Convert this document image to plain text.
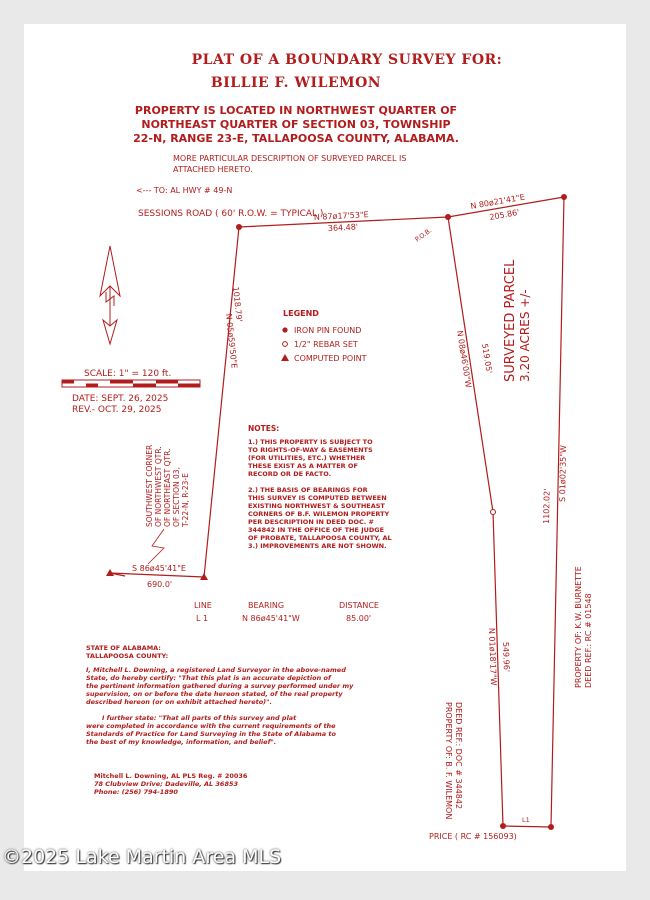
PLAT OF A BOUNDARY SURVEY FOR:
BILLIE F. WILEMON
PROPERTY IS LOCATED IN NORTHWEST QUARTER OF
NORTHEAST QUARTER OF SECTION 03, TOWNSHIP
22-N, RANGE 23-E, TALLAPOOSA COUNTY, ALABAMA.
MORE PARTICULAR DESCRIPTION OF SURVEYED PARCEL IS
ATTACHED HERETO.
<--- TO: AL HWY # 49-N
SESSIONS ROAD ( 60' R.O.W. = TYPICAL )
N 87ø17'53"E
364.48'
N 80ø21'41"E
205.86'
P.O.B.
N 05ø59'50"E
1018.79'
N 08ø46'00"W 519.05'
N 01ø18'17"W 549.96'
S 01ø02'35"W
1102.02'
S 86ø45'41"E
690.0'
L1
SURVEYED PARCEL 3.20 ACRES +/-
LEGEND
IRON PIN FOUND
1/2" REBAR SET
COMPUTED POINT
SCALE: 1" = 120 ft.
DATE: SEPT. 26, 2025
REV.- OCT. 29, 2025
SOUTHWEST CORNER OF NORTHWEST QTR. OF NORTHEAST QTR. OF SECTION 03, T-22-N, R-23-E
NOTES:
1.) THIS PROPERTY IS SUBJECT TO
TO RIGHTS-OF-WAY & EASEMENTS
(FOR UTILITIES, ETC.) WHETHER
THESE EXIST AS A MATTER OF
RECORD OR DE FACTO.
2.) THE BASIS OF BEARINGS FOR
THIS SURVEY IS COMPUTED BETWEEN
EXISTING NORTHWEST & SOUTHEAST
CORNERS OF B.F. WILEMON PROPERTY
PER DESCRIPTION IN DEED DOC. #
344842 IN THE OFFICE OF THE JUDGE
OF PROBATE, TALLAPOOSA COUNTY, AL
3.) IMPROVEMENTS ARE NOT SHOWN.
LINE	BEARING	DISTANCE
L 1	N 86ø45'41"W	85.00'
PROPERTY OF: B. F. WILEMON DEED REF.: DOC # 344842
PROPERTY OF: K.W. BURNETTE DEED REF.: RC # 01548
PRICE ( RC # 156093)
STATE OF ALABAMA:
TALLAPOOSA COUNTY:
I, Mitchell L. Downing, a registered Land Surveyor in the above-named
State, do hereby certify: "That this plat is an accurate depiction of
the pertinent information gathered during a survey performed under my
supervision, on or before the date hereon stated, of the real property
described hereon (or on exhibit attached hereto)".
I further state: "That all parts of this survey and plat
were completed in accordance with the current requirements of the
Standards of Practice for Land Surveying in the State of Alabama to
the best of my knowledge, information, and belief".
Mitchell L. Downing, AL PLS Reg. # 20036
78 Clubview Drive; Dadeville, AL 36853
Phone: (256) 794-1890
©2025 Lake Martin Area MLS
